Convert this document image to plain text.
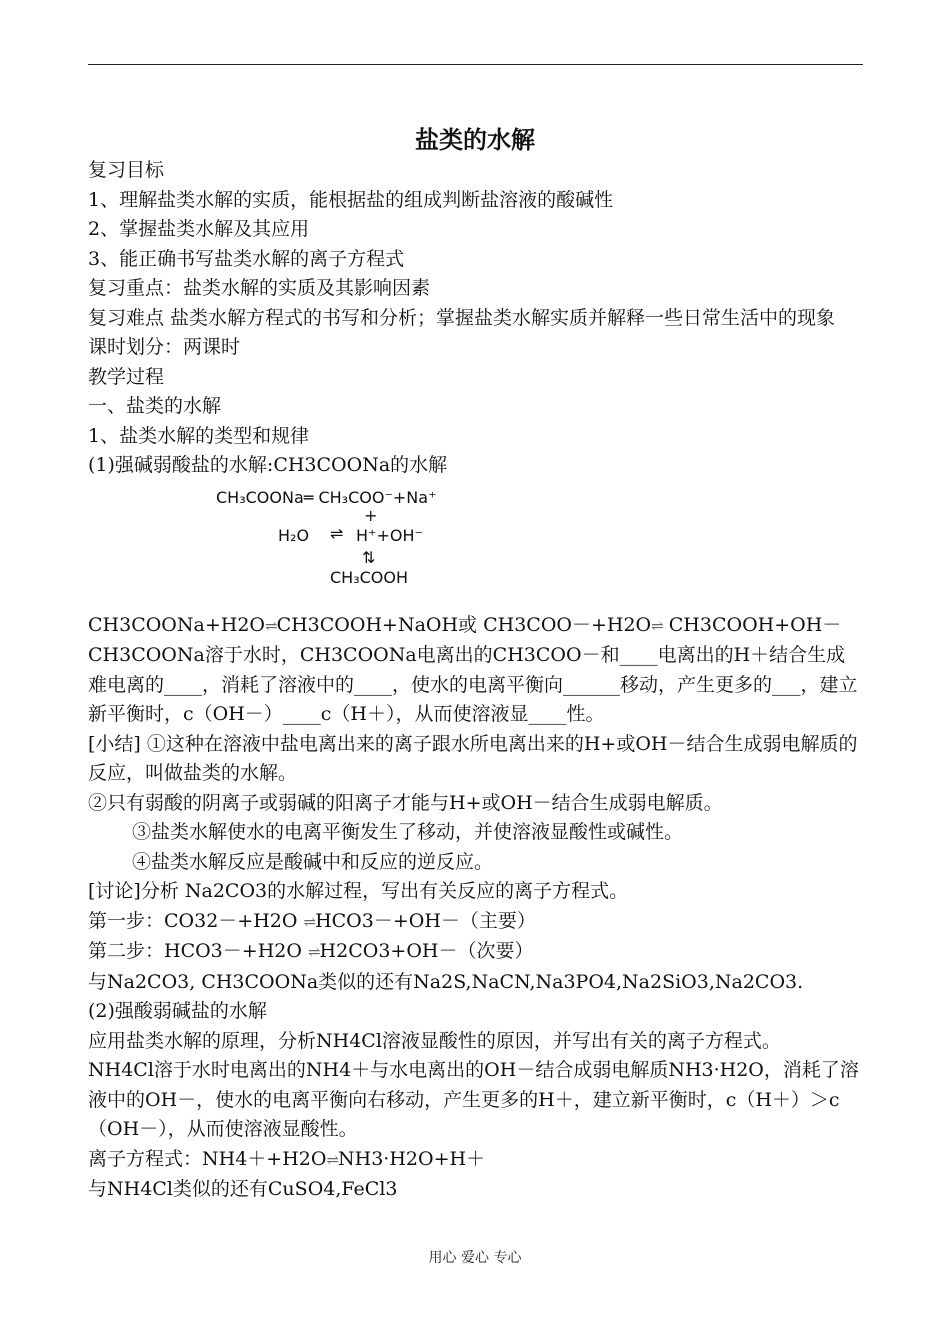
盐类的水解
复习目标
1、理解盐类水解的实质，能根据盐的组成判断盐溶液的酸碱性
2、掌握盐类水解及其应用
3、能正确书写盐类水解的离子方程式
复习重点：盐类水解的实质及其影响因素
复习难点 盐类水解方程式的书写和分析；掌握盐类水解实质并解释一些日常生活中的现象
课时划分：两课时
教学过程
一、盐类的水解
1、盐类水解的类型和规律
(1)强碱弱酸盐的水解:CH3COONa的水解
CH₃COONa═ CH₃COO⁻+Na⁺
+
H₂O ⇌ H⁺+OH⁻
⇅
CH₃COOH
CH3COONa+H2O⇌CH3COOH+NaOH或 CH3COO－+H2O⇌ CH3COOH+OH－
CH3COONa溶于水时，CH3COONa电离出的CH3COO－和____电离出的H＋结合生成难电离的____，消耗了溶液中的____，使水的电离平衡向______移动，产生更多的___，建立新平衡时，c（OH－）____c（H＋），从而使溶液显____性。
[小结] ①这种在溶液中盐电离出来的离子跟水所电离出来的H+或OH－结合生成弱电解质的反应，叫做盐类的水解。
②只有弱酸的阴离子或弱碱的阳离子才能与H+或OH－结合生成弱电解质。
③盐类水解使水的电离平衡发生了移动，并使溶液显酸性或碱性。
④盐类水解反应是酸碱中和反应的逆反应。
[讨论]分析 Na2CO3的水解过程，写出有关反应的离子方程式。
第一步：CO32－+H2O ⇌HCO3－+OH－（主要）
第二步：HCO3－+H2O ⇌H2CO3+OH－（次要）
与Na2CO3, CH3COONa类似的还有Na2S,NaCN,Na3PO4,Na2SiO3,Na2CO3.
(2)强酸弱碱盐的水解
应用盐类水解的原理，分析NH4Cl溶液显酸性的原因，并写出有关的离子方程式。
NH4Cl溶于水时电离出的NH4＋与水电离出的OH－结合成弱电解质NH3·H2O，消耗了溶液中的OH－，使水的电离平衡向右移动，产生更多的H＋，建立新平衡时，c（H＋）＞c（OH－），从而使溶液显酸性。
离子方程式：NH4＋+H2O⇌NH3·H2O+H＋
与NH4Cl类似的还有CuSO4,FeCl3
用心 爱心 专心
